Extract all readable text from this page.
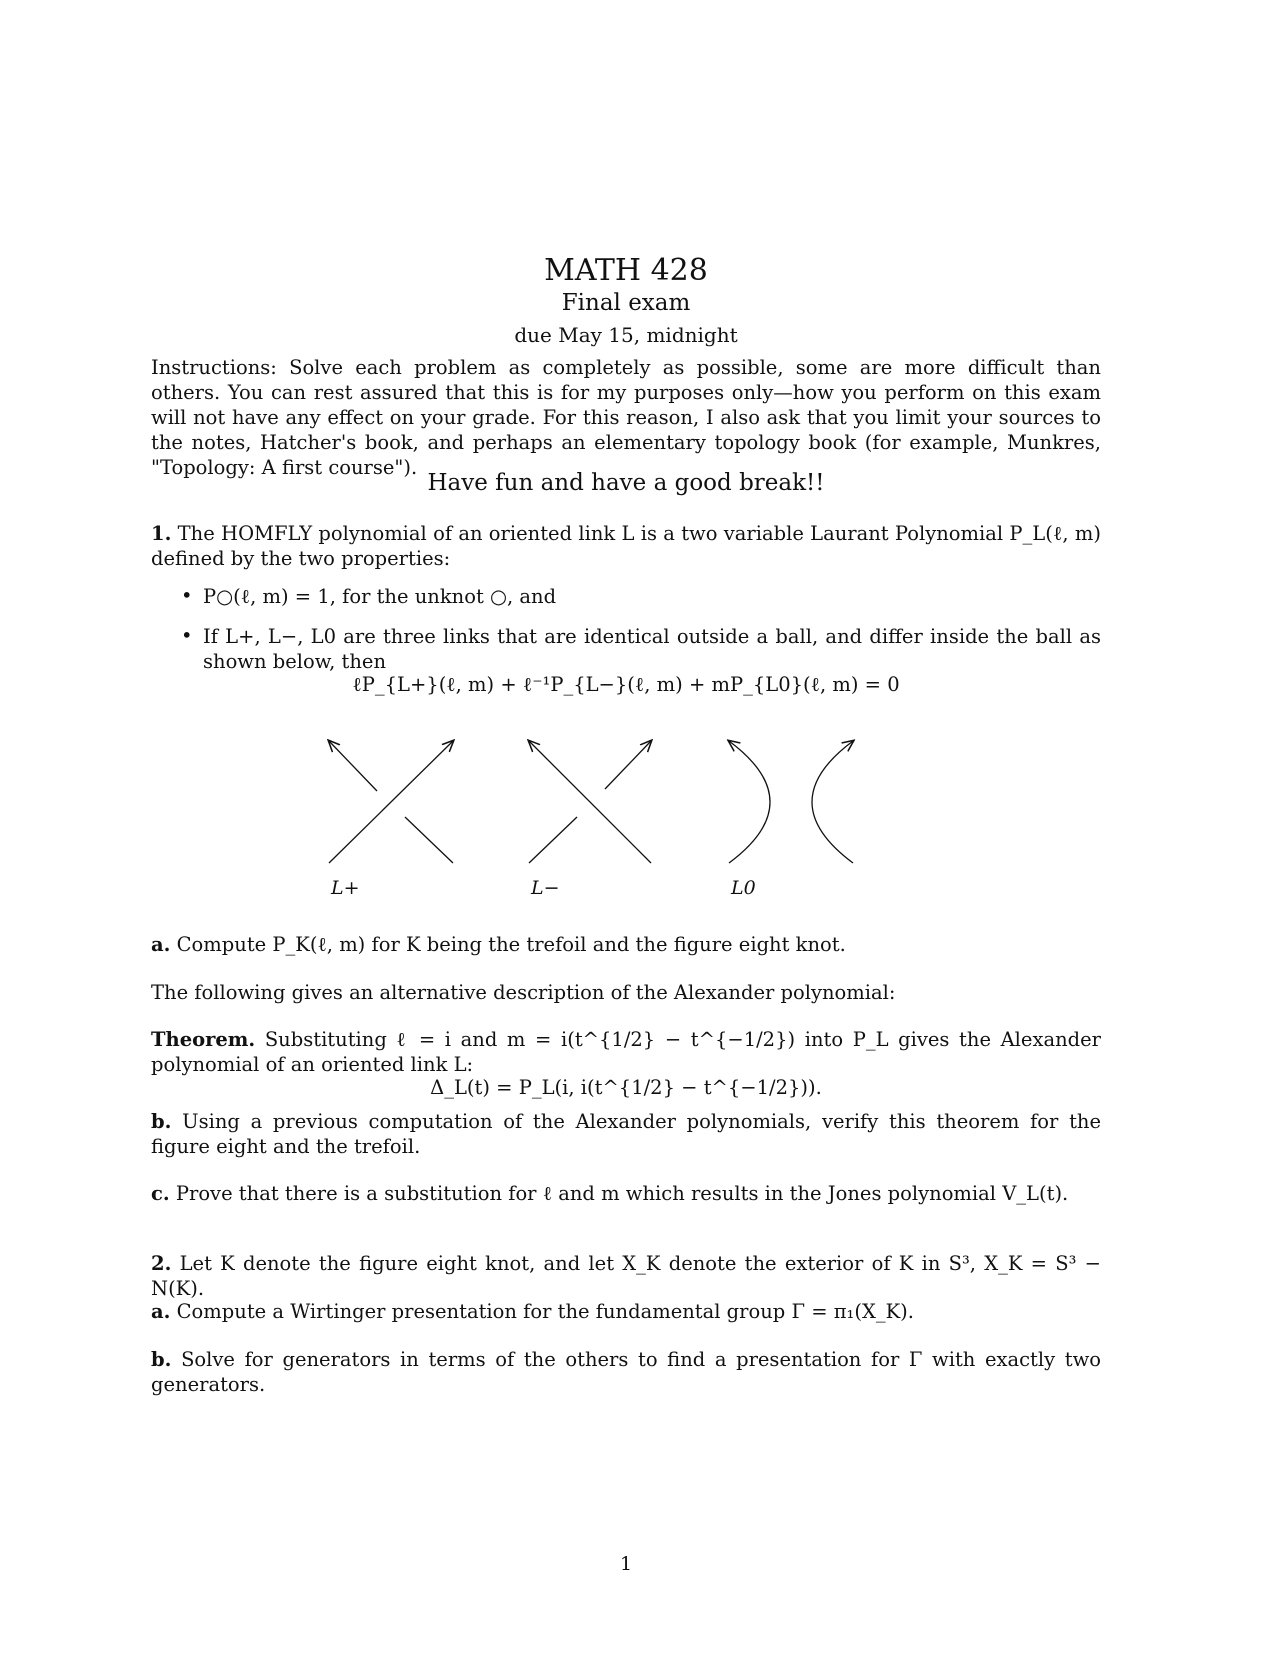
MATH 428
Final exam
due May 15, midnight
Instructions: Solve each problem as completely as possible, some are more difficult than others. You can rest assured that this is for my purposes only—how you perform on this exam will not have any effect on your grade. For this reason, I also ask that you limit your sources to the notes, Hatcher's book, and perhaps an elementary topology book (for example, Munkres, "Topology: A first course").
Have fun and have a good break!!
1. The HOMFLY polynomial of an oriented link L is a two variable Laurant Polynomial P_L(ℓ, m) defined by the two properties:
• P○(ℓ, m) = 1, for the unknot ○, and
• If L+, L−, L0 are three links that are identical outside a ball, and differ inside the ball as shown below, then
ℓP_{L+}(ℓ, m) + ℓ⁻¹P_{L−}(ℓ, m) + mP_{L0}(ℓ, m) = 0
L+	L−	L0
a. Compute P_K(ℓ, m) for K being the trefoil and the figure eight knot.
The following gives an alternative description of the Alexander polynomial:
Theorem. Substituting ℓ = i and m = i(t^{1/2} − t^{−1/2}) into P_L gives the Alexander polynomial of an oriented link L:
Δ_L(t) = P_L(i, i(t^{1/2} − t^{−1/2})).
b. Using a previous computation of the Alexander polynomials, verify this theorem for the figure eight and the trefoil.
c. Prove that there is a substitution for ℓ and m which results in the Jones polynomial V_L(t).
2. Let K denote the figure eight knot, and let X_K denote the exterior of K in S³, X_K = S³ − N(K).
a. Compute a Wirtinger presentation for the fundamental group Γ = π₁(X_K).
b. Solve for generators in terms of the others to find a presentation for Γ with exactly two generators.
1
